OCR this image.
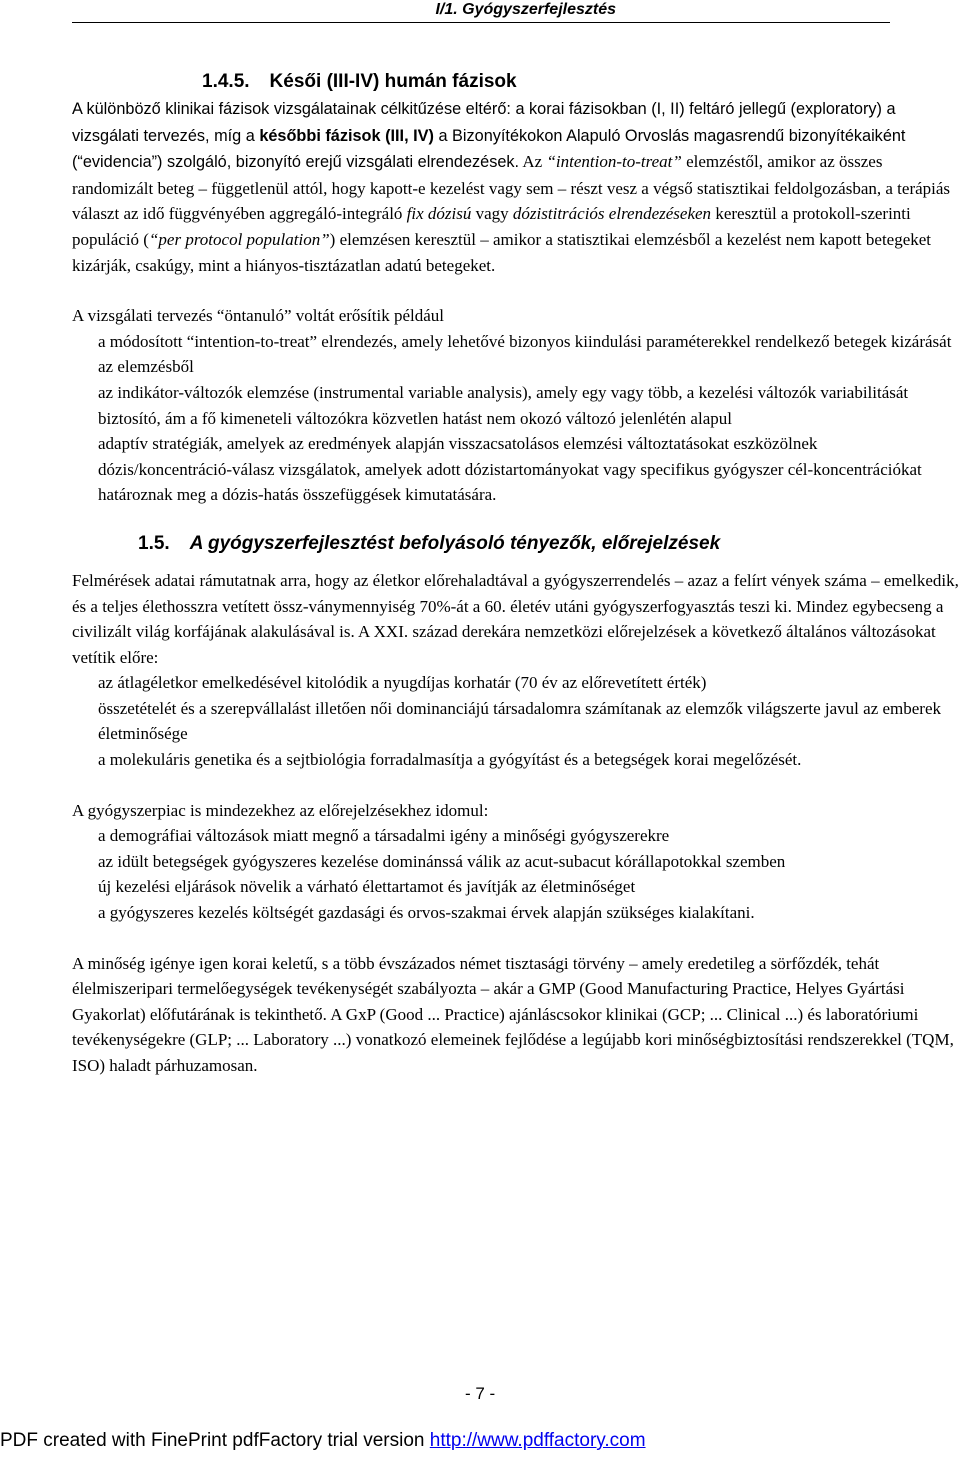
I/1. Gyógyszerfejlesztés
1.4.5. Késői (III-IV) humán fázisok

A különböző klinikai fázisok vizsgálatainak célkitűzése eltérő: a korai fázisokban (I, II) feltáró jellegű (exploratory) a vizsgálati tervezés, míg a későbbi fázisok (III, IV) a Bizonyítékokon Alapuló Orvoslás magasrendű bizonyítékaiként (“evidencia”) szolgáló, bizonyító erejű vizsgálati elrendezések. Az “intention-to-treat” elemzéstől, amikor az összes randomizált beteg – függetlenül attól, hogy kapott-e kezelést vagy sem – részt vesz a végső statisztikai feldolgozásban, a terápiás választ az idő függvényében aggregáló-integráló fix dózisú vagy dózistitrációs elrendezéseken keresztül a protokoll-szerinti populáció (“per protocol population”) elemzésen keresztül – amikor a statisztikai elemzésből a kezelést nem kapott betegeket kizárják, csakúgy, mint a hiányos-tisztázatlan adatú betegeket.

A vizsgálati tervezés “öntanuló” voltát erősítik például

a módosított “intention-to-treat” elrendezés, amely lehetővé bizonyos kiindulási paraméterekkel rendelkező betegek kizárását az elemzésből
az indikátor-változók elemzése (instrumental variable analysis), amely egy vagy több, a kezelési változók variabilitását biztosító, ám a fő kimeneteli változókra közvetlen hatást nem okozó változó jelenlétén alapul
adaptív stratégiák, amelyek az eredmények alapján visszacsatolásos elemzési változtatásokat eszközölnek
dózis/koncentráció-válasz vizsgálatok, amelyek adott dózistartományokat vagy specifikus gyógyszer cél-koncentrációkat határoznak meg a dózis-hatás összefüggések kimutatására.
1.5. A gyógyszerfejlesztést befolyásoló tényezők, előrejelzések

Felmérések adatai rámutatnak arra, hogy az életkor előrehaladtával a gyógyszerrendelés – azaz a felírt vények száma – emelkedik, és a teljes élethosszra vetített össz-ványmennyiség 70%-át a 60. életév utáni gyógyszerfogyasztás teszi ki. Mindez egybecseng a civilizált világ korfájának alakulásával is. A XXI. század derekára nemzetközi előrejelzések a következő általános változásokat vetítik előre:

az átlagéletkor emelkedésével kitolódik a nyugdíjas korhatár (70 év az előrevetített érték)
összetételét és a szerepvállalást illetően női dominanciájú társadalomra számítanak az elemzők világszerte javul az emberek életminősége
a molekuláris genetika és a sejtbiológia forradalmasítja a gyógyítást és a betegségek korai megelőzését.

A gyógyszerpiac is mindezekhez az előrejelzésekhez idomul:

a demográfiai változások miatt megnő a társadalmi igény a minőségi gyógyszerekre
az idült betegségek gyógyszeres kezelése dominánssá válik az acut-subacut kórállapotokkal szemben
új kezelési eljárások növelik a várható élettartamot és javítják az életminőséget
a gyógyszeres kezelés költségét gazdasági és orvos-szakmai érvek alapján szükséges kialakítani.

A minőség igénye igen korai keletű, s a több évszázados német tisztasági törvény – amely eredetileg a sörfőzdék, tehát élelmiszeripari termelőegységek tevékenységét szabályozta – akár a GMP (Good Manufacturing Practice, Helyes Gyártási Gyakorlat) előfutárának is tekinthető. A GxP (Good ... Practice) ajánláscsokor klinikai (GCP; ... Clinical ...) és laboratóriumi tevékenységekre (GLP; ... Laboratory ...) vonatkozó elemeinek fejlődése a legújabb kori minőségbiztosítási rendszerekkel (TQM, ISO) haladt párhuzamosan.

- 7 -
PDF created with FinePrint pdfFactory trial version http://www.pdffactory.com
